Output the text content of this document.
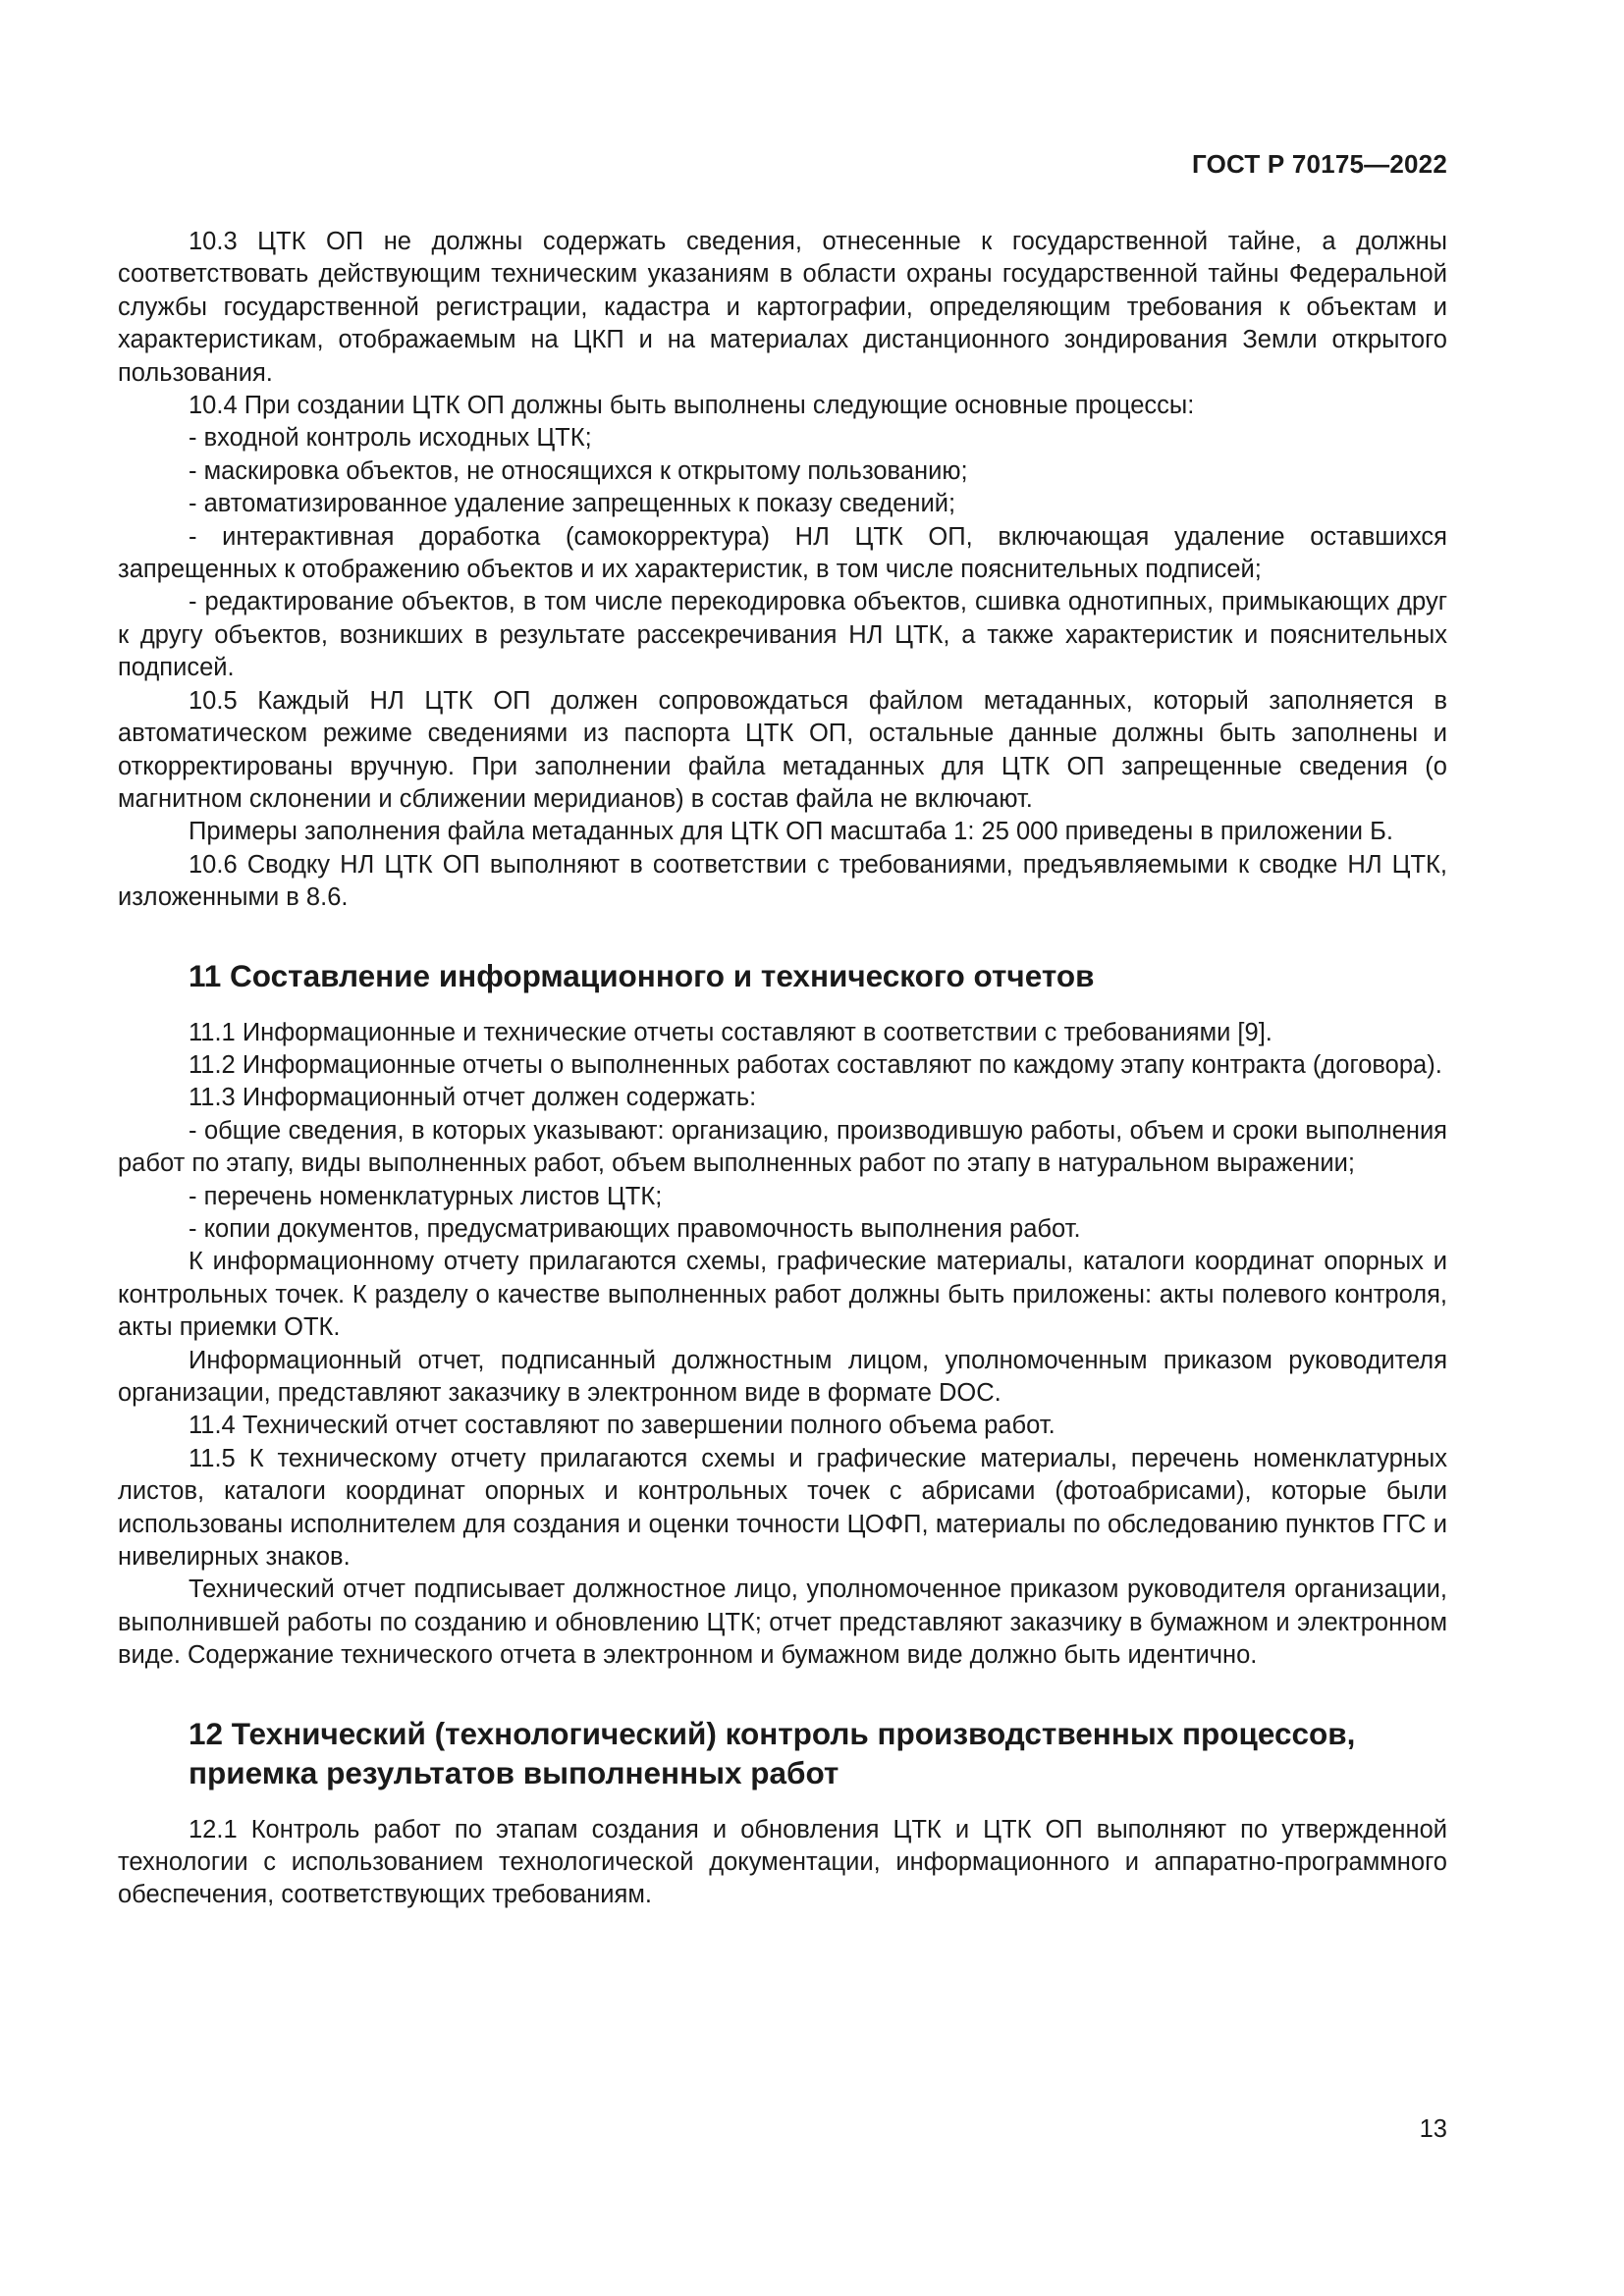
ГОСТ Р 70175—2022

10.3 ЦТК ОП не должны содержать сведения, отнесенные к государственной тайне, а должны соответствовать действующим техническим указаниям в области охраны государственной тайны Федеральной службы государственной регистрации, кадастра и картографии, определяющим требования к объектам и характеристикам, отображаемым на ЦКП и на материалах дистанционного зондирования Земли открытого пользования.

10.4 При создании ЦТК ОП должны быть выполнены следующие основные процессы:

- входной контроль исходных ЦТК;

- маскировка объектов, не относящихся к открытому пользованию;

- автоматизированное удаление запрещенных к показу сведений;

- интерактивная доработка (самокорректура) НЛ ЦТК ОП, включающая удаление оставшихся запрещенных к отображению объектов и их характеристик, в том числе пояснительных подписей;

- редактирование объектов, в том числе перекодировка объектов, сшивка однотипных, примыкающих друг к другу объектов, возникших в результате рассекречивания НЛ ЦТК, а также характеристик и пояснительных подписей.

10.5 Каждый НЛ ЦТК ОП должен сопровождаться файлом метаданных, который заполняется в автоматическом режиме сведениями из паспорта ЦТК ОП, остальные данные должны быть заполнены и откорректированы вручную. При заполнении файла метаданных для ЦТК ОП запрещенные сведения (о магнитном склонении и сближении меридианов) в состав файла не включают.

Примеры заполнения файла метаданных для ЦТК ОП масштаба 1: 25 000 приведены в приложении Б.

10.6 Сводку НЛ ЦТК ОП выполняют в соответствии с требованиями, предъявляемыми к сводке НЛ ЦТК, изложенными в 8.6.

11 Составление информационного и технического отчетов

11.1 Информационные и технические отчеты составляют в соответствии с требованиями [9].

11.2 Информационные отчеты о выполненных работах составляют по каждому этапу контракта (договора).

11.3 Информационный отчет должен содержать:

- общие сведения, в которых указывают: организацию, производившую работы, объем и сроки выполнения работ по этапу, виды выполненных работ, объем выполненных работ по этапу в натуральном выражении;

- перечень номенклатурных листов ЦТК;

- копии документов, предусматривающих правомочность выполнения работ.

К информационному отчету прилагаются схемы, графические материалы, каталоги координат опорных и контрольных точек. К разделу о качестве выполненных работ должны быть приложены: акты полевого контроля, акты приемки ОТК.

Информационный отчет, подписанный должностным лицом, уполномоченным приказом руководителя организации, представляют заказчику в электронном виде в формате DOC.

11.4 Технический отчет составляют по завершении полного объема работ.

11.5 К техническому отчету прилагаются схемы и графические материалы, перечень номенклатурных листов, каталоги координат опорных и контрольных точек с абрисами (фотоабрисами), которые были использованы исполнителем для создания и оценки точности ЦОФП, материалы по обследованию пунктов ГГС и нивелирных знаков.

Технический отчет подписывает должностное лицо, уполномоченное приказом руководителя организации, выполнившей работы по созданию и обновлению ЦТК; отчет представляют заказчику в бумажном и электронном виде. Содержание технического отчета в электронном и бумажном виде должно быть идентично.

12 Технический (технологический) контроль производственных процессов, приемка результатов выполненных работ

12.1 Контроль работ по этапам создания и обновления ЦТК и ЦТК ОП выполняют по утвержденной технологии с использованием технологической документации, информационного и аппаратно-программного обеспечения, соответствующих требованиям.

13
